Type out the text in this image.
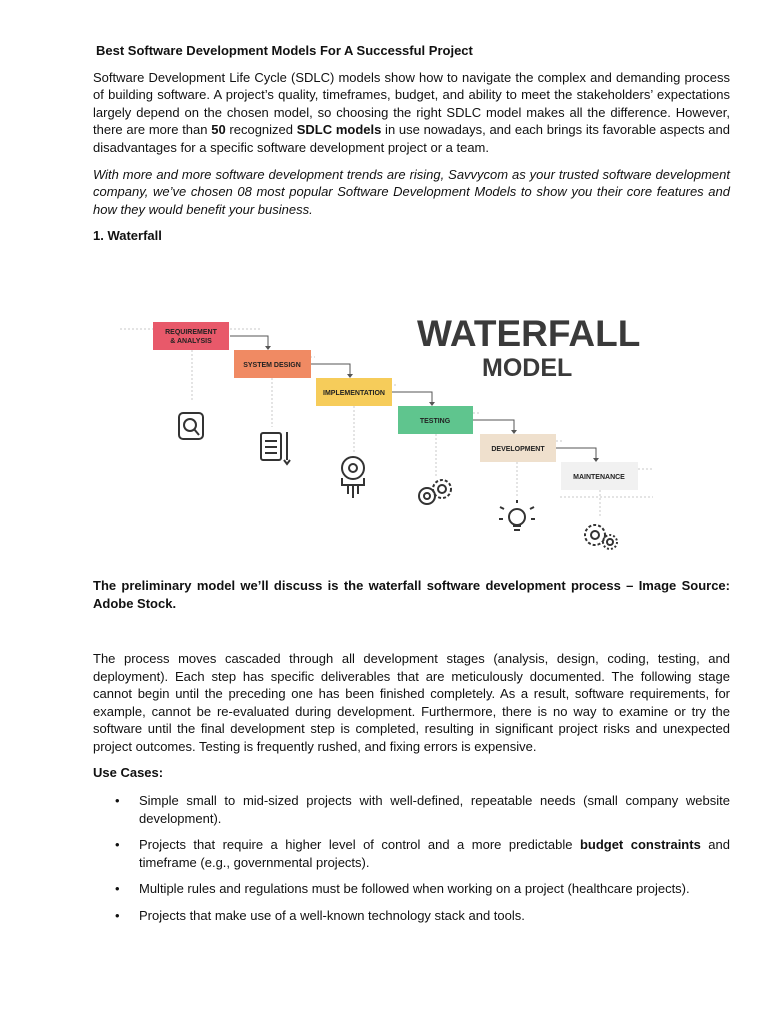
Best Software Development Models For A Successful Project

Software Development Life Cycle (SDLC) models show how to navigate the complex and demanding process of building software. A project’s quality, timeframes, budget, and ability to meet the stakeholders’ expectations largely depend on the chosen model, so choosing the right SDLC model makes all the difference. However, there are more than 50 recognized SDLC models in use nowadays, and each brings its favorable aspects and disadvantages for a specific software development project or a team.

With more and more software development trends are rising, Savvycom as your trusted software development company, we’ve chosen 08 most popular Software Development Models to show you their core features and how they would benefit your business.

1. Waterfall
WATERFALL
MODEL
REQUIREMENT
& ANALYSIS
SYSTEM DESIGN
IMPLEMENTATION
TESTING
DEVELOPMENT
MAINTENANCE
The preliminary model we’ll discuss is the waterfall software development process – Image Source: Adobe Stock.
The process moves cascaded through all development stages (analysis, design, coding, testing, and deployment). Each step has specific deliverables that are meticulously documented. The following stage cannot begin until the preceding one has been finished completely. As a result, software requirements, for example, cannot be re-evaluated during development. Furthermore, there is no way to examine or try the software until the final development step is completed, resulting in significant project risks and unexpected project outcomes. Testing is frequently rushed, and fixing errors is expensive.
Use Cases:
• Simple small to mid-sized projects with well-defined, repeatable needs (small company website development).
• Projects that require a higher level of control and a more predictable budget constraints and timeframe (e.g., governmental projects).
• Multiple rules and regulations must be followed when working on a project (healthcare projects).
• Projects that make use of a well-known technology stack and tools.
